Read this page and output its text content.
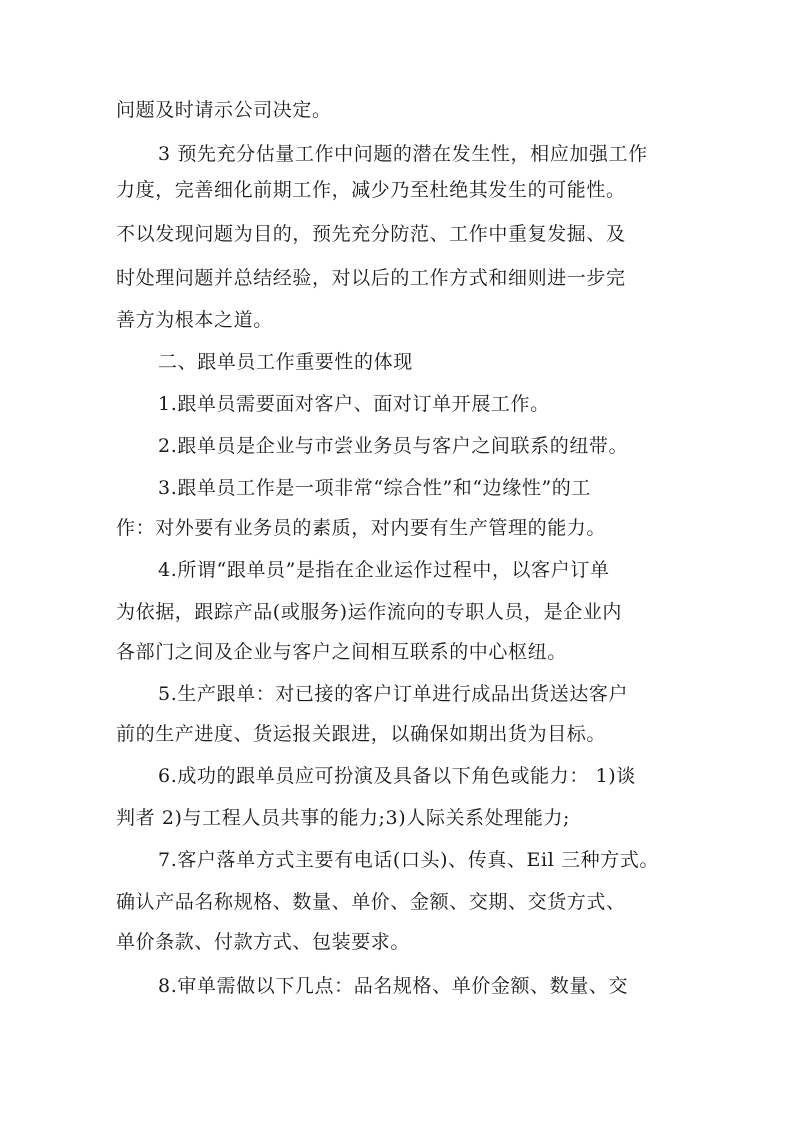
问题及时请示公司决定。
3 预先充分估量工作中问题的潜在发生性，相应加强工作
力度，完善细化前期工作，减少乃至杜绝其发生的可能性。
不以发现问题为目的，预先充分防范、工作中重复发掘、及
时处理问题并总结经验，对以后的工作方式和细则进一步完
善方为根本之道。
二、跟单员工作重要性的体现
1.跟单员需要面对客户、面对订单开展工作。
2.跟单员是企业与市尝业务员与客户之间联系的纽带。
3.跟单员工作是一项非常“综合性”和“边缘性”的工
作：对外要有业务员的素质，对内要有生产管理的能力。
4.所谓“跟单员”是指在企业运作过程中，以客户订单
为依据，跟踪产品(或服务)运作流向的专职人员，是企业内
各部门之间及企业与客户之间相互联系的中心枢纽。
5.生产跟单：对已接的客户订单进行成品出货送达客户
前的生产进度、货运报关跟进，以确保如期出货为目标。
6.成功的跟单员应可扮演及具备以下角色或能力： 1)谈
判者 2)与工程人员共事的能力;3)人际关系处理能力;
7.客户落单方式主要有电话(口头)、传真、Eil 三种方式。
确认产品名称规格、数量、单价、金额、交期、交货方式、
单价条款、付款方式、包装要求。
8.审单需做以下几点：品名规格、单价金额、数量、交
